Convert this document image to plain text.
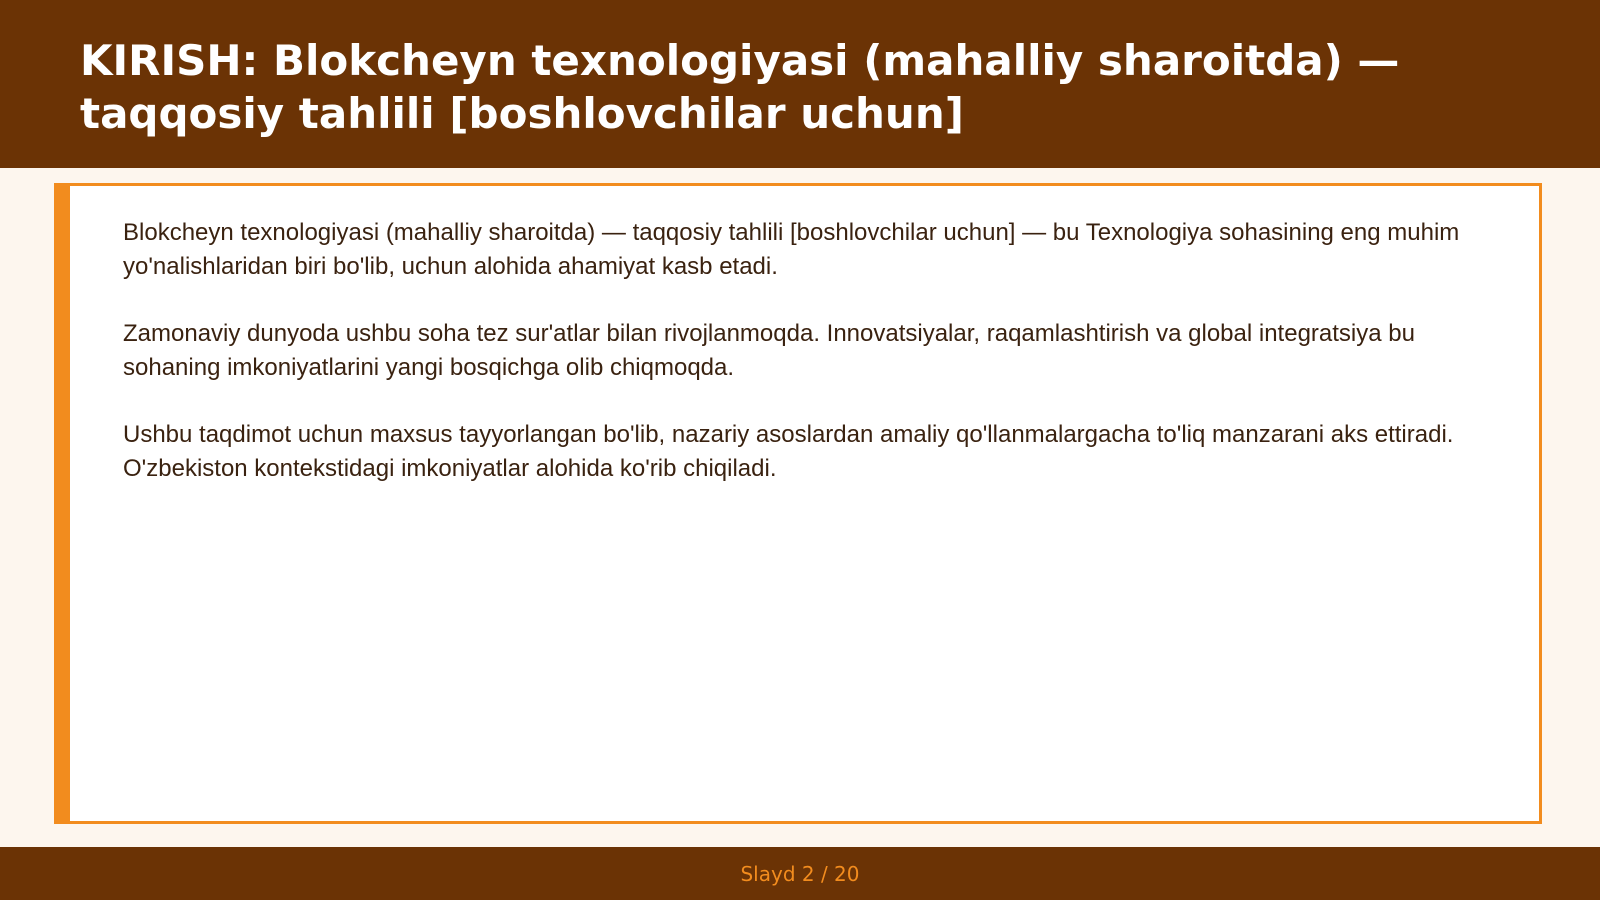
KIRISH: Blokcheyn texnologiyasi (mahalliy sharoitda) — taqqosiy tahlili [boshlovchilar uchun]

Blokcheyn texnologiyasi (mahalliy sharoitda) — taqqosiy tahlili [boshlovchilar uchun] — bu Texnologiya sohasining eng muhim yo'nalishlaridan biri bo'lib, uchun alohida ahamiyat kasb etadi.

Zamonaviy dunyoda ushbu soha tez sur'atlar bilan rivojlanmoqda. Innovatsiyalar, raqamlashtirish va global integratsiya bu sohaning imkoniyatlarini yangi bosqichga olib chiqmoqda.

Ushbu taqdimot uchun maxsus tayyorlangan bo'lib, nazariy asoslardan amaliy qo'llanmalargacha to'liq manzarani aks ettiradi. O'zbekiston kontekstidagi imkoniyatlar alohida ko'rib chiqiladi.

Slayd 2 / 20
